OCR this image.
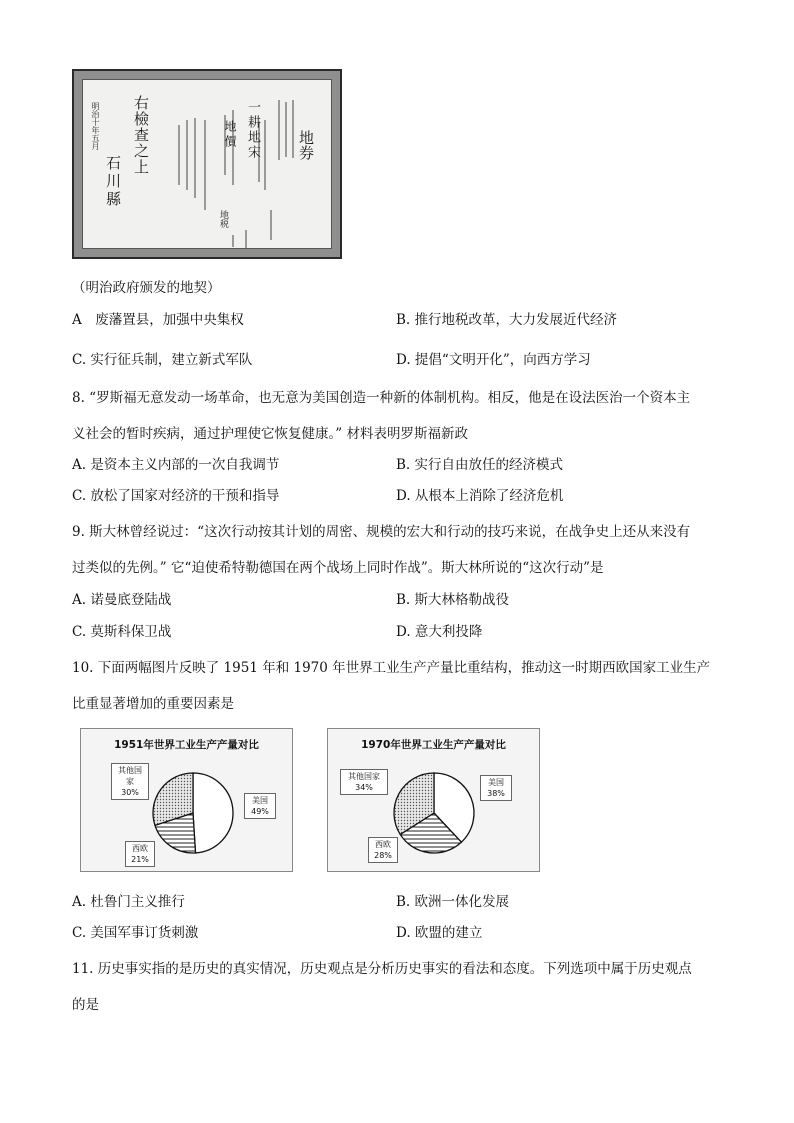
地券
一耕地宋
地價
右檢查之上
石川縣
明治十年五月
地税
（明治政府颁发的地契）
A　废藩置县，加强中央集权	B. 推行地税改革，大力发展近代经济
C. 实行征兵制，建立新式军队	D. 提倡“文明开化”，向西方学习
8. “罗斯福无意发动一场革命，也无意为美国创造一种新的体制机构。相反，他是在设法医治一个资本主
义社会的暂时疾病，通过护理使它恢复健康。” 材料表明罗斯福新政
A. 是资本主义内部的一次自我调节	B. 实行自由放任的经济模式
C. 放松了国家对经济的干预和指导	D. 从根本上消除了经济危机
9. 斯大林曾经说过：“这次行动按其计划的周密、规模的宏大和行动的技巧来说，在战争史上还从来没有
过类似的先例。” 它“迫使希特勒德国在两个战场上同时作战”。斯大林所说的“这次行动”是
A. 诺曼底登陆战	B. 斯大林格勒战役
C. 莫斯科保卫战	D. 意大利投降
10. 下面两幅图片反映了 1951 年和 1970 年世界工业生产产量比重结构，推动这一时期西欧国家工业生产
比重显著增加的重要因素是
1951年世界工业生产产量对比
其他国
家
30%
美国
49%
西欧
21%
1970年世界工业生产产量对比
其他国家
34%
美国
38%
西欧
28%
A. 杜鲁门主义推行	B. 欧洲一体化发展
C. 美国军事订货刺激	D. 欧盟的建立
11. 历史事实指的是历史的真实情况，历史观点是分析历史事实的看法和态度。下列选项中属于历史观点
的是
